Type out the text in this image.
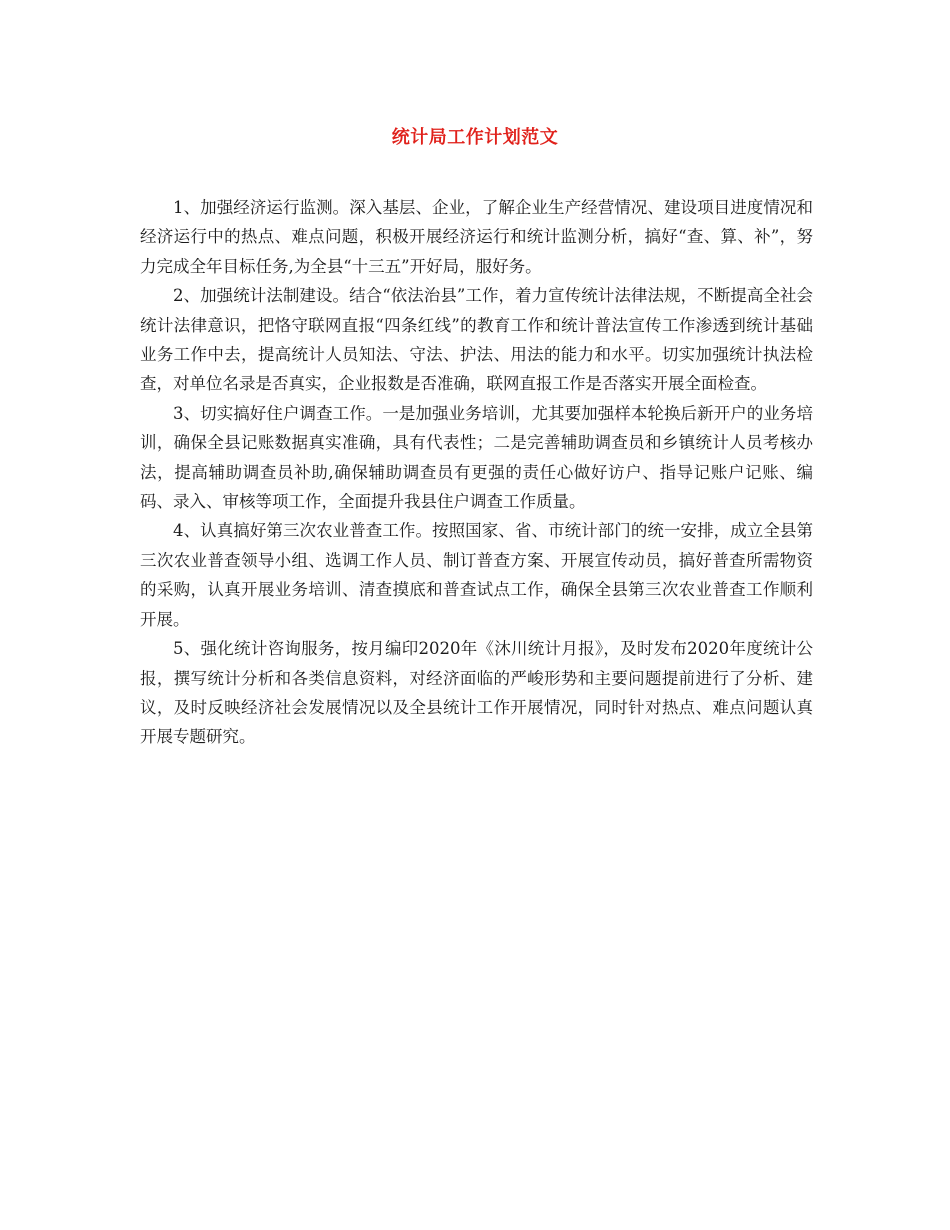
统计局工作计划范文

1、加强经济运行监测。深入基层、企业，了解企业生产经营情况、建设项目进度情况和经济运行中的热点、难点问题，积极开展经济运行和统计监测分析，搞好“查、算、补”，努力完成全年目标任务,为全县“十三五”开好局，服好务。

2、加强统计法制建设。结合“依法治县”工作，着力宣传统计法律法规，不断提高全社会统计法律意识，把恪守联网直报“四条红线”的教育工作和统计普法宣传工作渗透到统计基础业务工作中去，提高统计人员知法、守法、护法、用法的能力和水平。切实加强统计执法检查，对单位名录是否真实，企业报数是否准确，联网直报工作是否落实开展全面检查。

3、切实搞好住户调查工作。一是加强业务培训，尤其要加强样本轮换后新开户的业务培训，确保全县记账数据真实准确，具有代表性；二是完善辅助调查员和乡镇统计人员考核办法，提高辅助调查员补助,确保辅助调查员有更强的责任心做好访户、指导记账户记账、编码、录入、审核等项工作，全面提升我县住户调查工作质量。

4、认真搞好第三次农业普查工作。按照国家、省、市统计部门的统一安排，成立全县第三次农业普查领导小组、选调工作人员、制订普查方案、开展宣传动员，搞好普查所需物资的采购，认真开展业务培训、清查摸底和普查试点工作，确保全县第三次农业普查工作顺利开展。

5、强化统计咨询服务，按月编印2020年《沐川统计月报》，及时发布2020年度统计公报，撰写统计分析和各类信息资料，对经济面临的严峻形势和主要问题提前进行了分析、建议，及时反映经济社会发展情况以及全县统计工作开展情况，同时针对热点、难点问题认真开展专题研究。
